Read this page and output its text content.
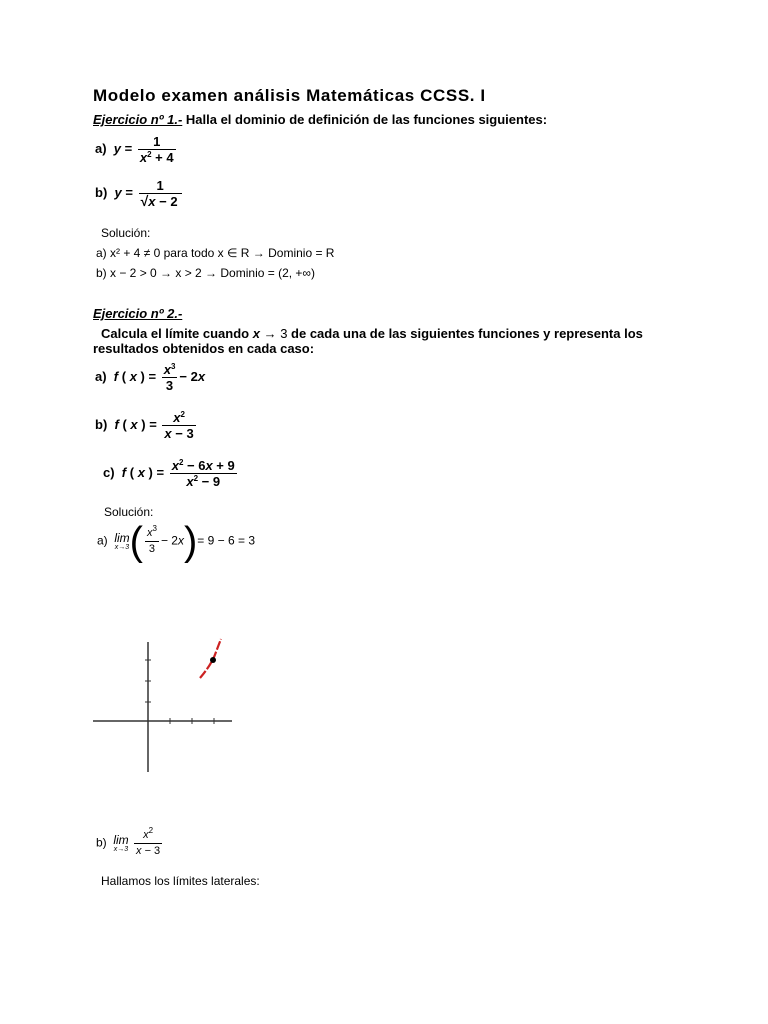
Modelo examen análisis Matemáticas CCSS. I
Ejercicio nº 1.- Halla el dominio de definición de las funciones siguientes:
a) $y = \frac{1}{x^2 + 4}$
b) $y = \frac{1}{√x - 2}$
Solución:
a) x² + 4 ≠ 0 para todo x ∈ R → Dominio = R
b) x − 2 > 0 → x > 2 → Dominio = (2, +∞)
Ejercicio nº 2.-
Calcula el límite cuando x → 3 de cada una de las siguientes funciones y representa los
resultados obtenidos en cada caso:
a) f ( x ) = $\frac{x^3}{3} - 2x$
b) f ( x ) = $\frac{x^2}{x - 3}$
c) f ( x ) = $\frac{x^2 - 6x + 9}{x^2 - 9}$
Solución:
a) lim
x→3 ( $\frac{x^3}{3} - 2x)= 9 - 6 = 3$
b) lim
x→3
$\frac{x^2}{x - 3}$
Hallamos los límites laterales:
